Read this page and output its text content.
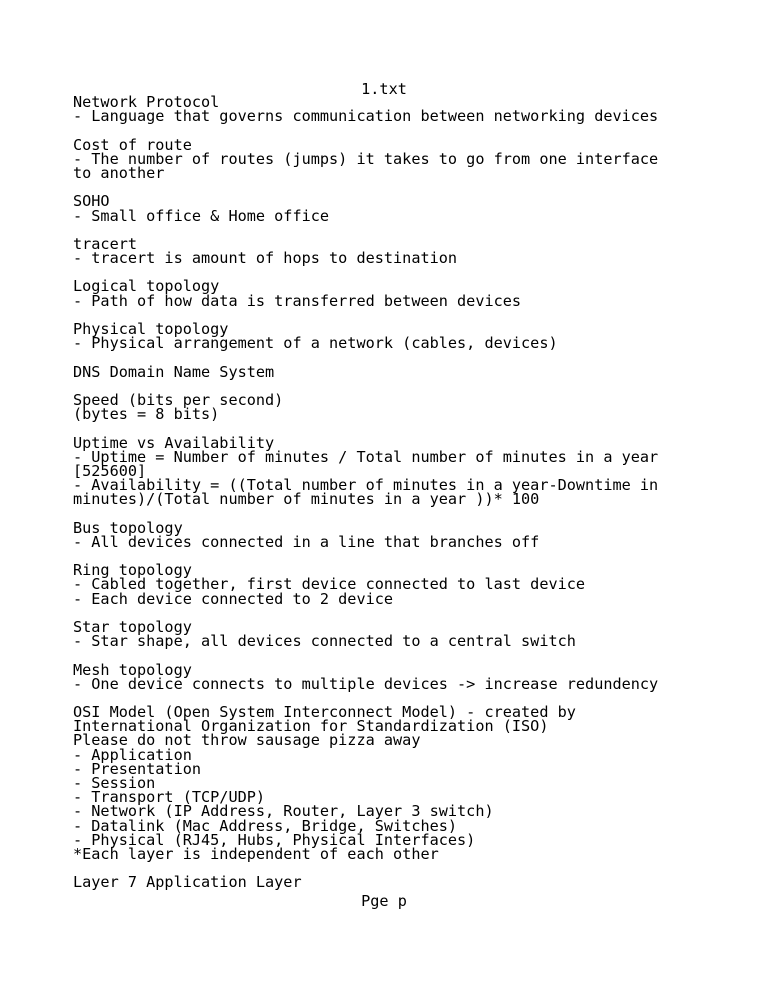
1.txt
Network Protocol
- Language that governs communication between networking devices
Cost of route
- The number of routes (jumps) it takes to go from one interface
to another
SOHO
- Small office & Home office
tracert
- tracert is amount of hops to destination
Logical topology
- Path of how data is transferred between devices
Physical topology
- Physical arrangement of a network (cables, devices)
DNS Domain Name System
Speed (bits per second)
(bytes = 8 bits)
Uptime vs Availability
- Uptime = Number of minutes / Total number of minutes in a year
[525600]
- Availability = ((Total number of minutes in a year-Downtime in
minutes)/(Total number of minutes in a year ))* 100
Bus topology
- All devices connected in a line that branches off
Ring topology
- Cabled together, first device connected to last device
- Each device connected to 2 device
Star topology
- Star shape, all devices connected to a central switch
Mesh topology
- One device connects to multiple devices -> increase redundency
OSI Model (Open System Interconnect Model) - created by
International Organization for Standardization (ISO)
Please do not throw sausage pizza away
- Application
- Presentation
- Session
- Transport (TCP/UDP)
- Network (IP Address, Router, Layer 3 switch)
- Datalink (Mac Address, Bridge, Switches)
- Physical (RJ45, Hubs, Physical Interfaces)
*Each layer is independent of each other
Layer 7 Application Layer
Pge p
